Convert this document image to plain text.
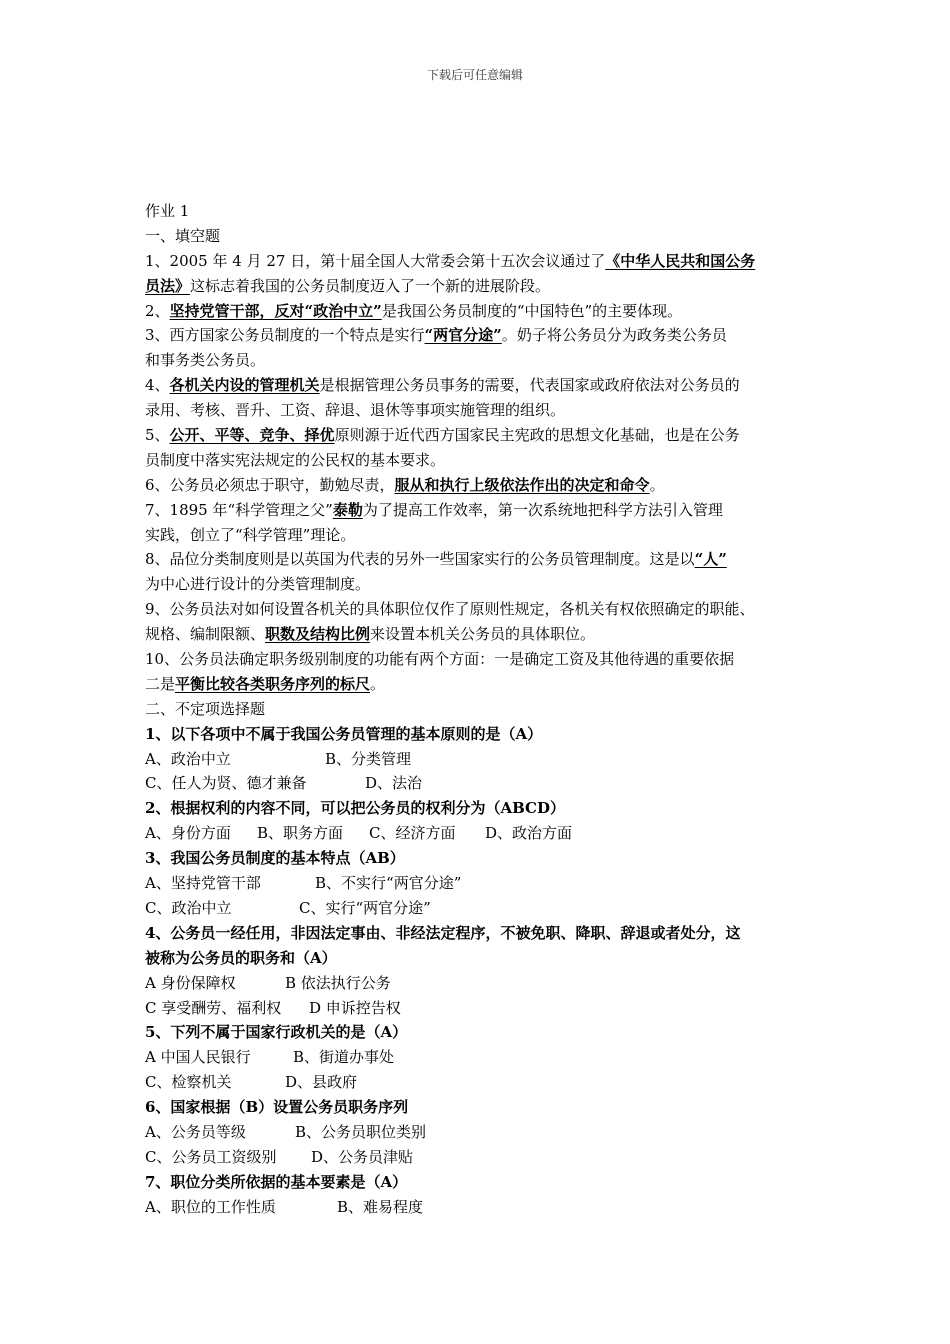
下载后可任意编辑
作业 1
一、填空题
1、2005 年 4 月 27 日，第十届全国人大常委会第十五次会议通过了《中华人民共和国公务
员法》这标志着我国的公务员制度迈入了一个新的进展阶段。
2、坚持党管干部，反对“政治中立”是我国公务员制度的“中国特色”的主要体现。
3、西方国家公务员制度的一个特点是实行“两官分途”。奶子将公务员分为政务类公务员
和事务类公务员。
4、各机关内设的管理机关是根据管理公务员事务的需要，代表国家或政府依法对公务员的
录用、考核、晋升、工资、辞退、退休等事项实施管理的组织。
5、公开、平等、竞争、择优原则源于近代西方国家民主宪政的思想文化基础，也是在公务
员制度中落实宪法规定的公民权的基本要求。
6、公务员必须忠于职守，勤勉尽责，服从和执行上级依法作出的决定和命令。
7、1895 年“科学管理之父”泰勒为了提高工作效率，第一次系统地把科学方法引入管理
实践，创立了“科学管理”理论。
8、品位分类制度则是以英国为代表的另外一些国家实行的公务员管理制度。这是以“人”
为中心进行设计的分类管理制度。
9、公务员法对如何设置各机关的具体职位仅作了原则性规定，各机关有权依照确定的职能、
规格、编制限额、职数及结构比例来设置本机关公务员的具体职位。
10、公务员法确定职务级别制度的功能有两个方面：一是确定工资及其他待遇的重要依据
二是平衡比较各类职务序列的标尺。
二、不定项选择题
1、以下各项中不属于我国公务员管理的基本原则的是（A）
A、政治中立	B、分类管理
C、任人为贤、德才兼备	D、法治
2、根据权利的内容不同，可以把公务员的权利分为（ABCD）
A、身份方面 B、职务方面 C、经济方面 D、政治方面
3、我国公务员制度的基本特点（AB）
A、坚持党管干部	B、不实行“两官分途”
C、政治中立	C、实行“两官分途”
4、公务员一经任用，非因法定事由、非经法定程序，不被免职、降职、辞退或者处分，这
被称为公务员的职务和（A）
A 身份保障权	B 依法执行公务
C 享受酬劳、福利权 D 申诉控告权
5、下列不属于国家行政机关的是（A）
A 中国人民银行	B、街道办事处
C、检察机关	D、县政府
6、国家根据（B）设置公务员职务序列
A、公务员等级	B、公务员职位类别
C、公务员工资级别 D、公务员津贴
7、职位分类所依据的基本要素是（A）
A、职位的工作性质	B、难易程度
